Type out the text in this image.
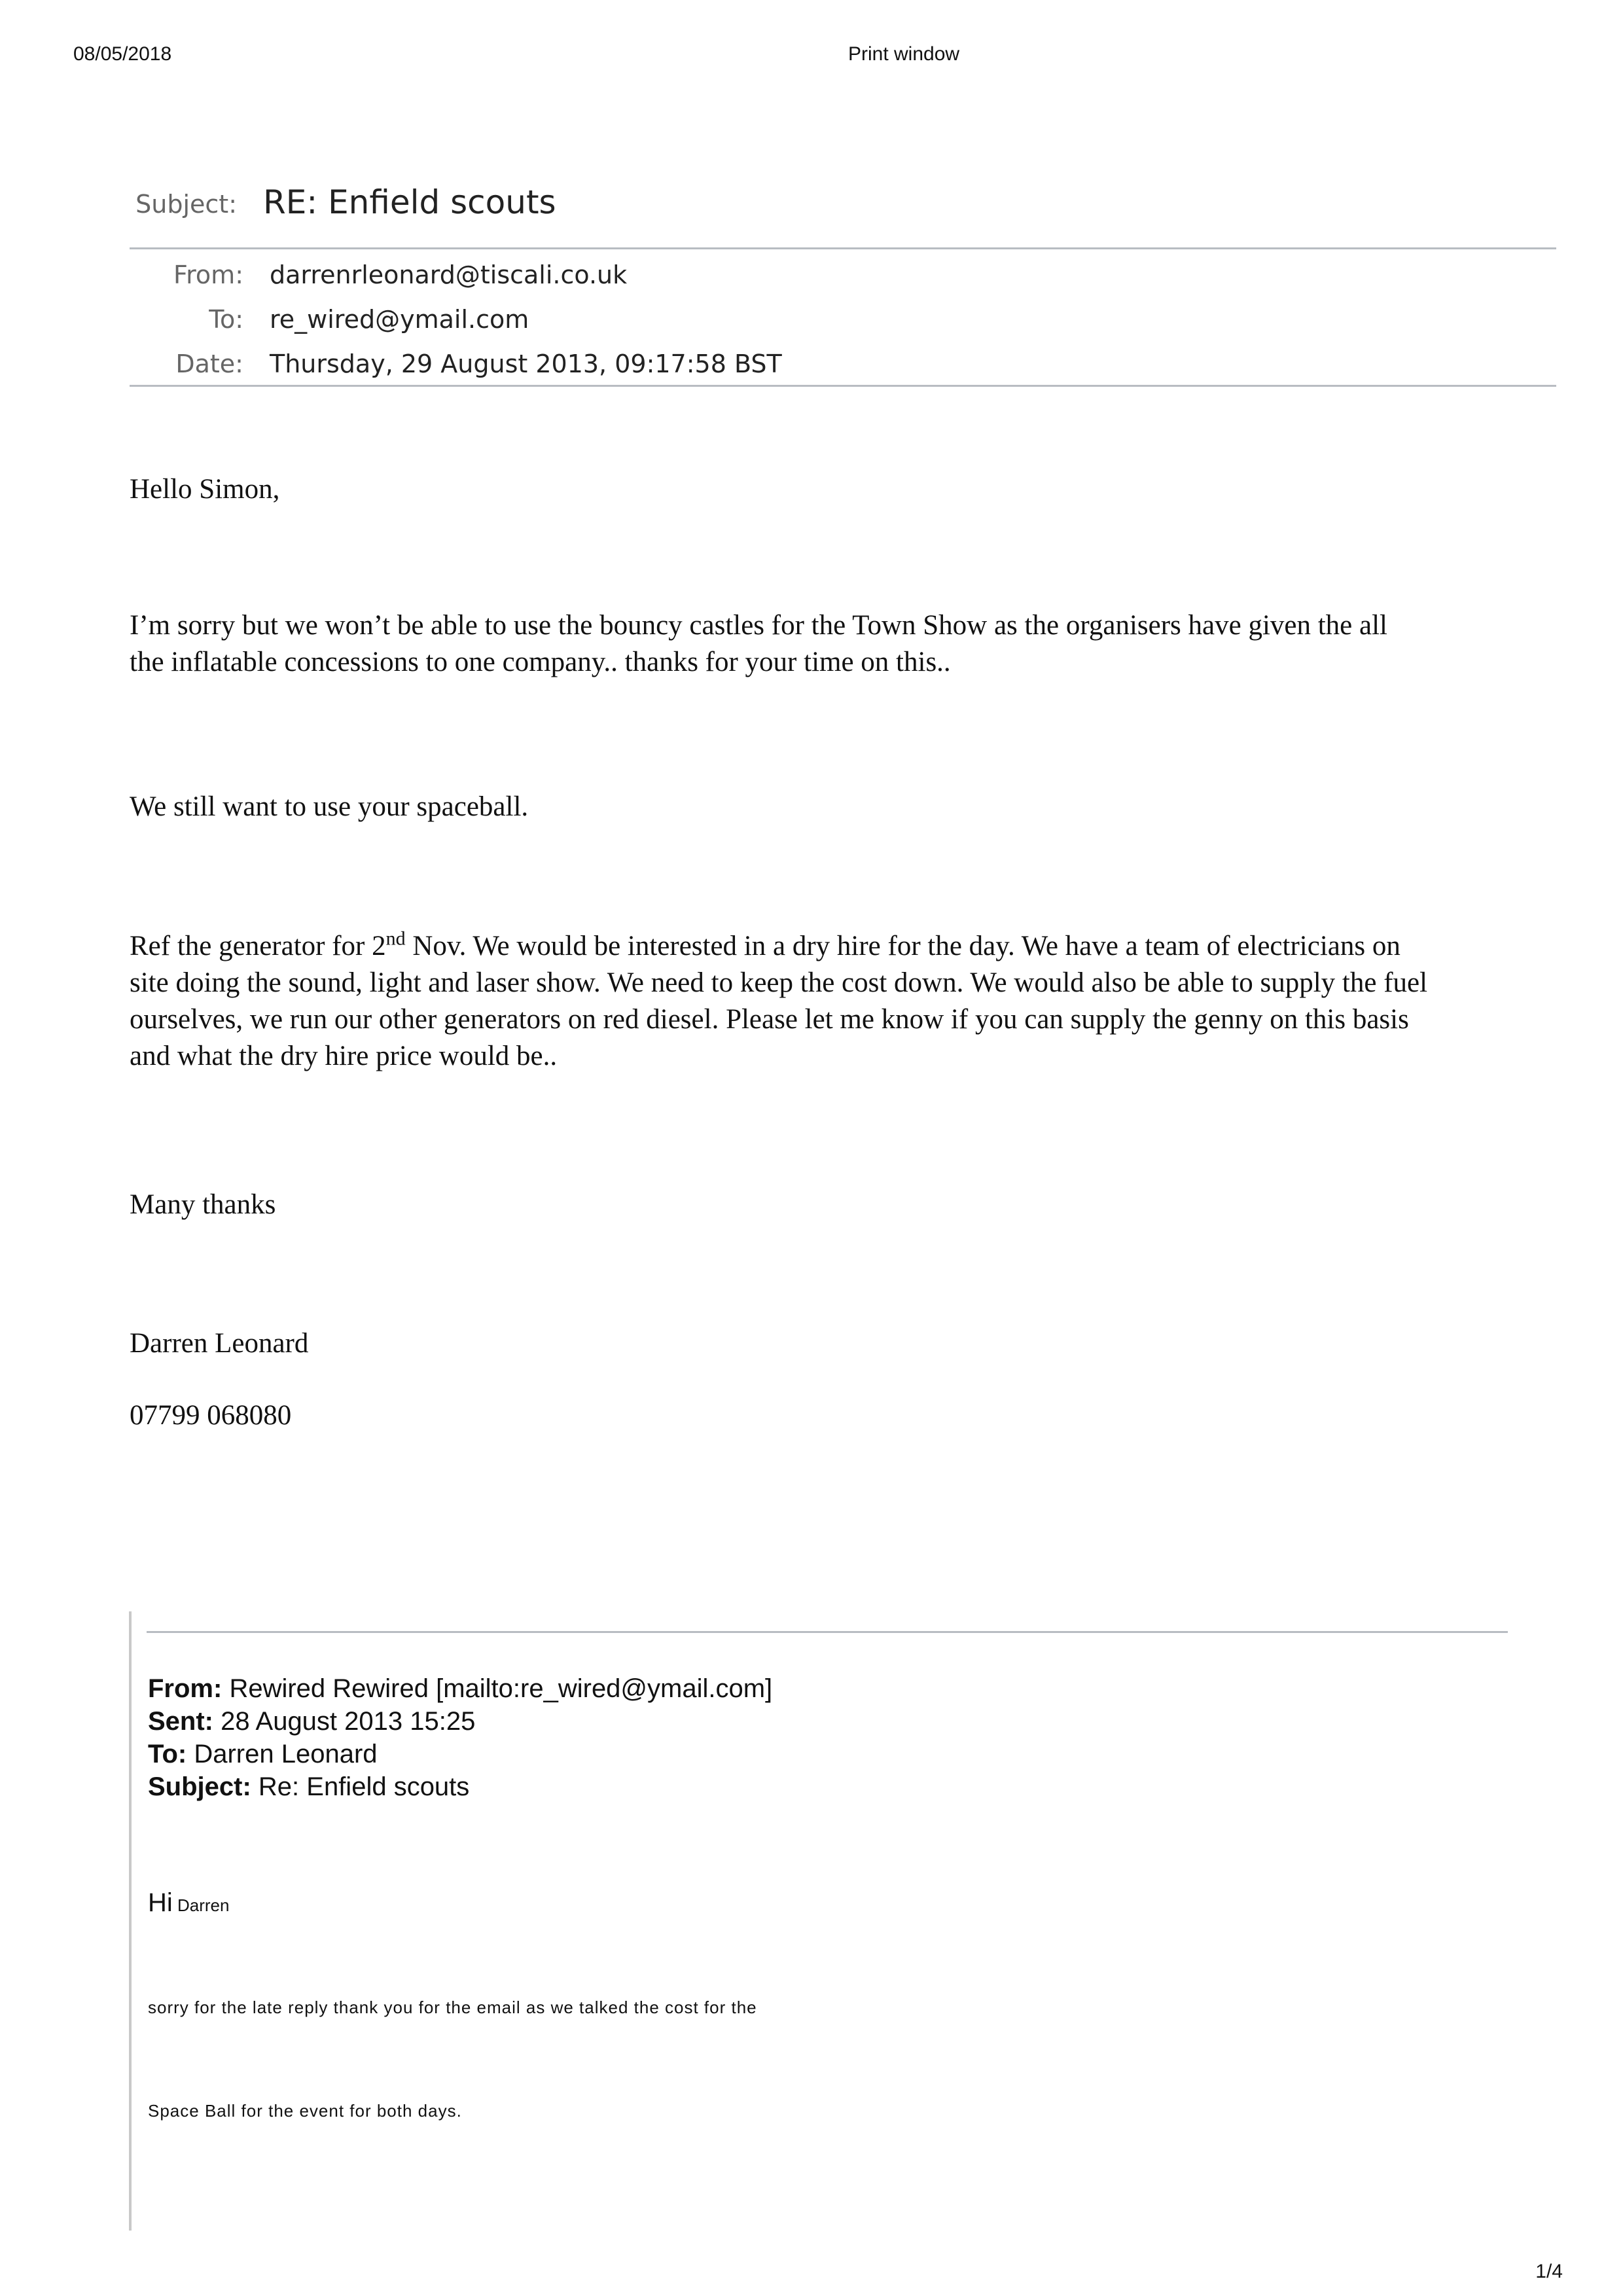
08/05/2018	Print window
Subject: RE: Enfield scouts
From: darrenrleonard@tiscali.co.uk
To: re_wired@ymail.com
Date: Thursday, 29 August 2013, 09:17:58 BST
Hello Simon,
I’m sorry but we won’t be able to use the bouncy castles for the Town Show as the organisers have given the all
the inflatable concessions to one company.. thanks for your time on this..
We still want to use your spaceball.
Ref the generator for 2nd Nov. We would be interested in a dry hire for the day. We have a team of electricians on
site doing the sound, light and laser show. We need to keep the cost down. We would also be able to supply the fuel
ourselves, we run our other generators on red diesel. Please let me know if you can supply the genny on this basis
and what the dry hire price would be..
Many thanks
Darren Leonard
07799 068080
From: Rewired Rewired [mailto:re_wired@ymail.com]
Sent: 28 August 2013 15:25
To: Darren Leonard
Subject: Re: Enfield scouts
Hi Darren
sorry for the late reply thank you for the email as we talked the cost for the
Space Ball for the event for both days.
1/4
